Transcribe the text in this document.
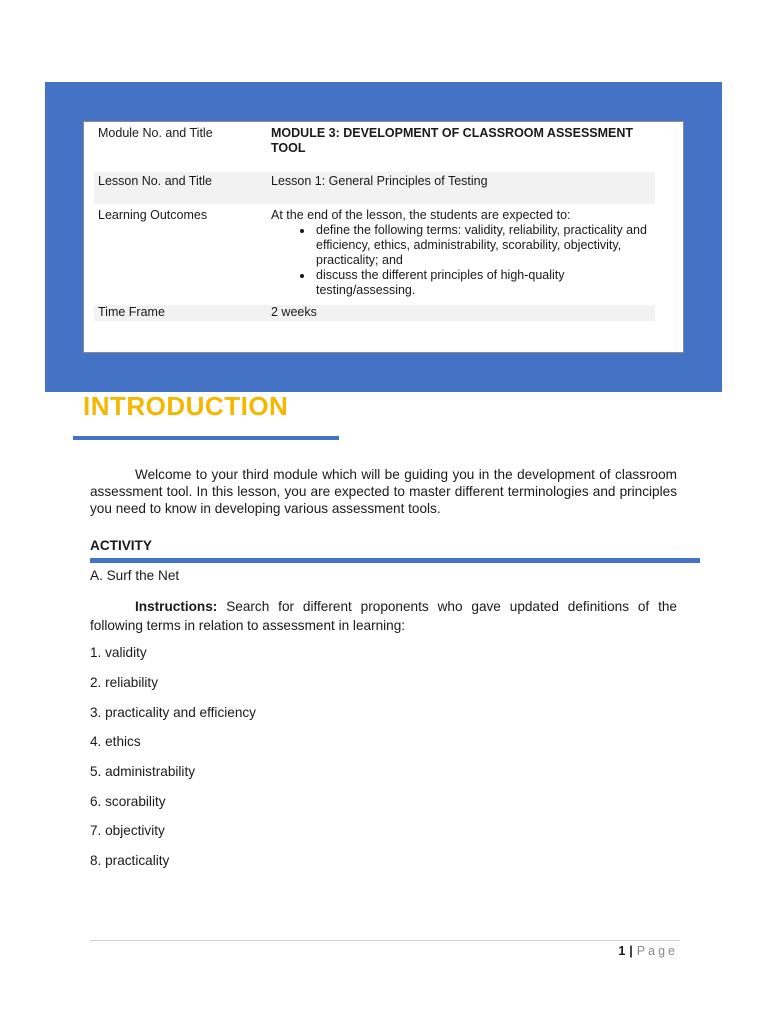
Module No. and Title	MODULE 3: DEVELOPMENT OF CLASSROOM ASSESSMENT TOOL
Lesson No. and Title	Lesson 1: General Principles of Testing
Learning Outcomes	At the end of the lesson, the students are expected to:
• define the following terms: validity, reliability, practicality and efficiency, ethics, administrability, scorability, objectivity, practicality; and
• discuss the different principles of high-quality testing/assessing.
Time Frame	2 weeks
INTRODUCTION
Welcome to your third module which will be guiding you in the development of classroom assessment tool. In this lesson, you are expected to master different terminologies and principles you need to know in developing various assessment tools.
ACTIVITY
A. Surf the Net
Instructions: Search for different proponents who gave updated definitions of the following terms in relation to assessment in learning:
1. validity
2. reliability
3. practicality and efficiency
4. ethics
5. administrability
6. scorability
7. objectivity
8. practicality
1 | Page
